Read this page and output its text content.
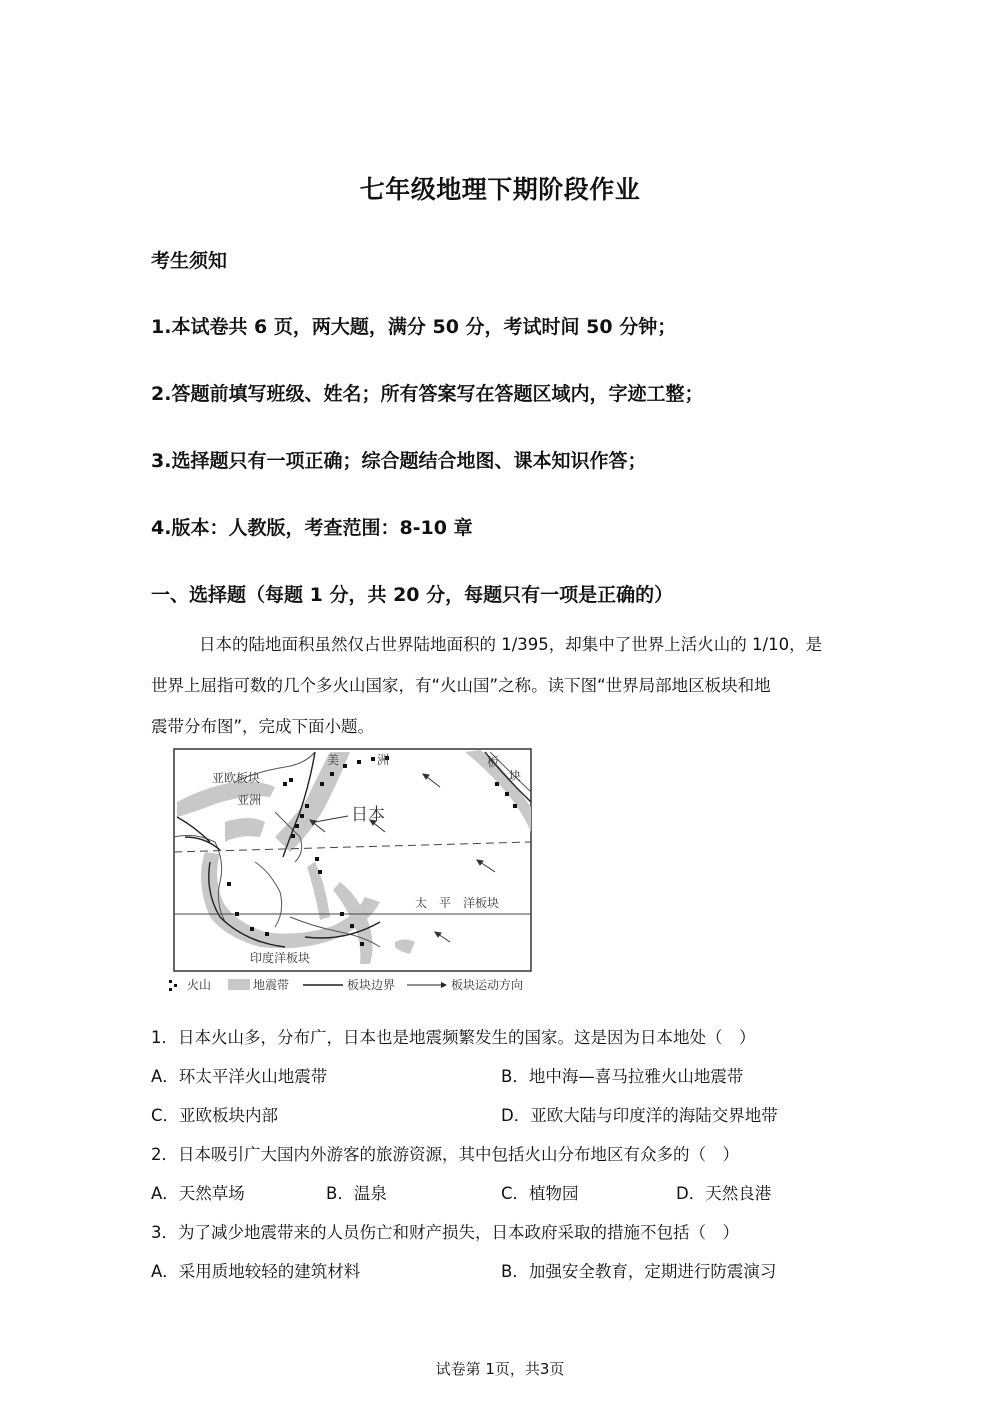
七年级地理下期阶段作业
考生须知
1.本试卷共 6 页，两大题，满分 50 分，考试时间 50 分钟；
2.答题前填写班级、姓名；所有答案写在答题区域内，字迹工整；
3.选择题只有一项正确；综合题结合地图、课本知识作答；
4.版本：人教版，考查范围：8-10 章
一、选择题（每题 1 分，共 20 分，每题只有一项是正确的）
日本的陆地面积虽然仅占世界陆地面积的 1/395，却集中了世界上活火山的 1/10，是
世界上屈指可数的几个多火山国家，有“火山国”之称。读下图“世界局部地区板块和地
震带分布图”，完成下面小题。
亚欧板块
亚洲
美	洲	板
块
日本
太　平　洋板块
印度洋板块
火山	地震带	板块边界	板块运动方向
1．日本火山多，分布广，日本也是地震频繁发生的国家。这是因为日本地处（　）
A．环太平洋火山地震带	B．地中海—喜马拉雅火山地震带
C．亚欧板块内部	D．亚欧大陆与印度洋的海陆交界地带
2．日本吸引广大国内外游客的旅游资源，其中包括火山分布地区有众多的（　）
A．天然草场	B．温泉	C．植物园	D．天然良港
3．为了减少地震带来的人员伤亡和财产损失，日本政府采取的措施不包括（　）
A．采用质地较轻的建筑材料	B．加强安全教育，定期进行防震演习
试卷第 1页，共3页
